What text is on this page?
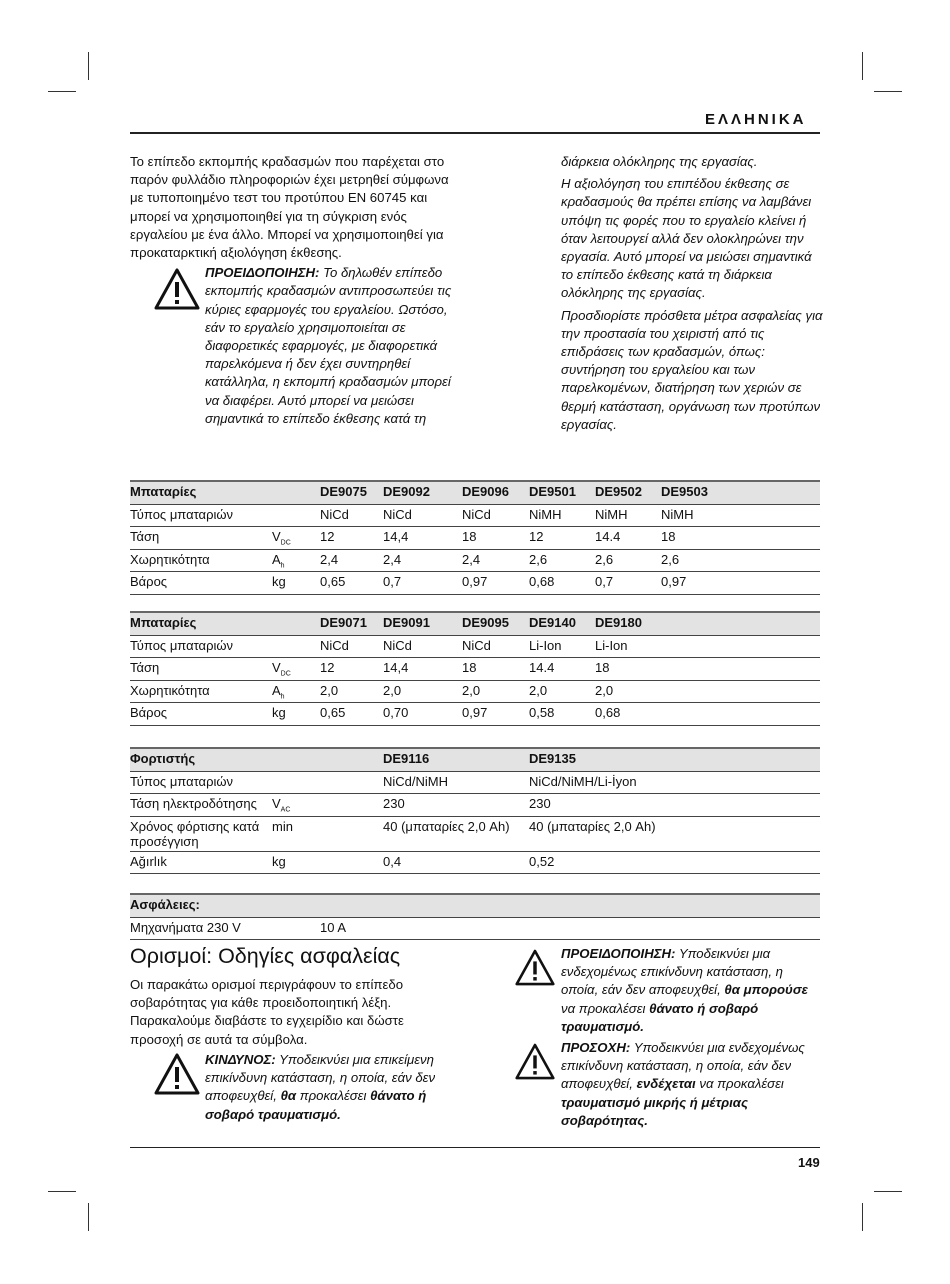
ΕΛΛΗΝΙΚΑ
Το επίπεδο εκπομπής κραδασμών που παρέχεται στο παρόν φυλλάδιο πληροφοριών έχει μετρηθεί σύμφωνα με τυποποιημένο τεστ του προτύπου EN 60745 και μπορεί να χρησιμοποιηθεί για τη σύγκριση ενός εργαλείου με ένα άλλο. Μπορεί να χρησιμοποιηθεί για προκαταρκτική αξιολόγηση έκθεσης.
ΠΡΟΕΙΔΟΠΟΙΗΣΗ: Το δηλωθέν επίπεδο εκπομπής κραδασμών αντιπροσωπεύει τις κύριες εφαρμογές του εργαλείου. Ωστόσο, εάν το εργαλείο χρησιμοποιείται σε διαφορετικές εφαρμογές, με διαφορετικά παρελκόμενα ή δεν έχει συντηρηθεί κατάλληλα, η εκπομπή κραδασμών μπορεί να διαφέρει. Αυτό μπορεί να μειώσει σημαντικά το επίπεδο έκθεσης κατά τη

διάρκεια ολόκληρης της εργασίας.

Η αξιολόγηση του επιπέδου έκθεσης σε κραδασμούς θα πρέπει επίσης να λαμβάνει υπόψη τις φορές που το εργαλείο κλείνει ή όταν λειτουργεί αλλά δεν ολοκληρώνει την εργασία. Αυτό μπορεί να μειώσει σημαντικά το επίπεδο έκθεσης κατά τη διάρκεια ολόκληρης της εργασίας.

Προσδιορίστε πρόσθετα μέτρα ασφαλείας για την προστασία του χειριστή από τις επιδράσεις των κραδασμών, όπως: συντήρηση του εργαλείου και των παρελκομένων, διατήρηση των χεριών σε θερμή κατάσταση, οργάνωση των προτύπων εργασίας.

Μπαταρίες		DE9075	DE9092	DE9096	DE9501	DE9502	DE9503	
Τύπος μπαταριών		NiCd	NiCd	NiCd	NiMH	NiMH	NiMH	
Τάση	$V_{DC}$	12	14,4	18	12	14.4	18	
Χωρητικότητα	$A_h$	2,4	2,4	2,4	2,6	2,6	2,6	
Βάρος	kg	0,65	0,7	0,97	0,68	0,7	0,97	
Μπαταρίες		DE9071	DE9091	DE9095	DE9140	DE9180	
Τύπος μπαταριών		NiCd	NiCd	NiCd	Li-Ion	Li-Ion	
Τάση	$V_{DC}$	12	14,4	18	14.4	18	
Χωρητικότητα	$A_h$	2,0	2,0	2,0	2,0	2,0	
Βάρος	kg	0,65	0,70	0,97	0,58	0,68	
Φορτιστής		DE9116	DE9135	
Τύπος μπαταριών		NiCd/NiMH	NiCd/NiMH/Li-İyon	
Τάση ηλεκτροδότησης	$V_{AC}$	230	230	
Χρόνος φόρτισης κατά προσέγγιση	min	40 (μπαταρίες 2,0 Ah)	40 (μπαταρίες 2,0 Ah)	
Ağırlık	kg	0,4	0,52	
Ασφάλειες:	
Μηχανήματα 230 V	10 A
Ορισμοί: Οδηγίες ασφαλείας
Οι παρακάτω ορισμοί περιγράφουν το επίπεδο σοβαρότητας για κάθε προειδοποιητική λέξη. Παρακαλούμε διαβάστε το εγχειρίδιο και δώστε προσοχή σε αυτά τα σύμβολα.
ΚΙΝΔΥΝΟΣ: Υποδεικνύει μια επικείμενη επικίνδυνη κατάσταση, η οποία, εάν δεν αποφευχθεί, θα προκαλέσει θάνατο ή σοβαρό τραυματισμό.
ΠΡΟΕΙΔΟΠΟΙΗΣΗ: Υποδεικνύει μια ενδεχομένως επικίνδυνη κατάσταση, η οποία, εάν δεν αποφευχθεί, θα μπορούσε να προκαλέσει θάνατο ή σοβαρό τραυματισμό.
ΠΡΟΣΟΧΗ: Υποδεικνύει μια ενδεχομένως επικίνδυνη κατάσταση, η οποία, εάν δεν αποφευχθεί, ενδέχεται να προκαλέσει τραυματισμό μικρής ή μέτριας σοβαρότητας.
149
